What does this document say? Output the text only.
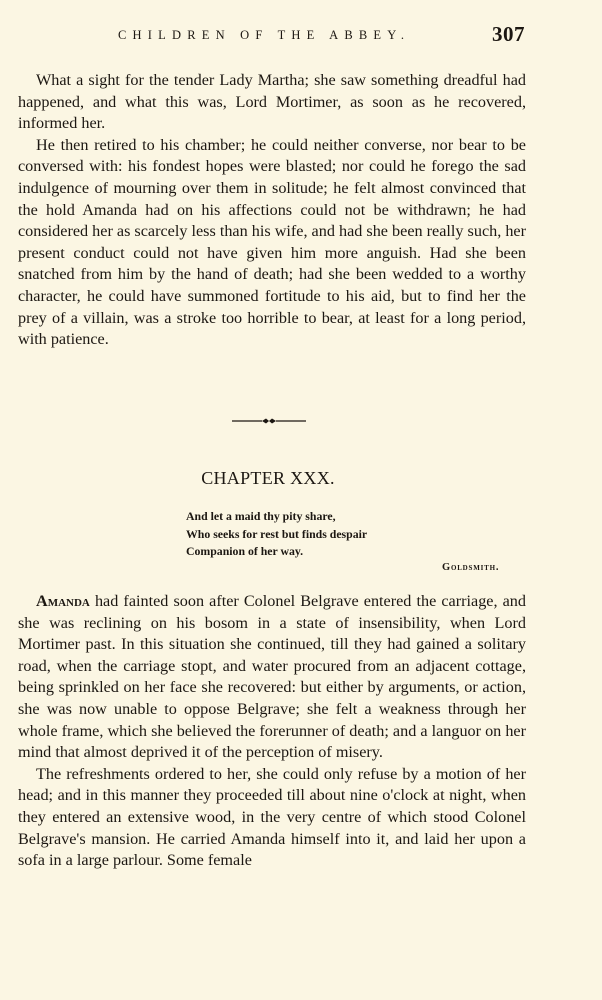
CHILDREN OF THE ABBEY.	307

What a sight for the tender Lady Martha; she saw something dreadful had happened, and what this was, Lord Mortimer, as soon as he recovered, informed her.

He then retired to his chamber; he could neither converse, nor bear to be conversed with: his fondest hopes were blasted; nor could he forego the sad indulgence of mourning over them in solitude; he felt almost convinced that the hold Amanda had on his affections could not be withdrawn; he had considered her as scarcely less than his wife, and had she been really such, her present conduct could not have given him more anguish. Had she been snatched from him by the hand of death; had she been wedded to a worthy character, he could have summoned fortitude to his aid, but to find her the prey of a villain, was a stroke too horrible to bear, at least for a long period, with patience.

CHAPTER XXX.
And let a maid thy pity share,
Who seeks for rest but finds despair
Companion of her way.
Goldsmith.

Amanda had fainted soon after Colonel Belgrave entered the carriage, and she was reclining on his bosom in a state of insensibility, when Lord Mortimer past. In this situation she continued, till they had gained a solitary road, when the carriage stopt, and water procured from an adjacent cottage, being sprinkled on her face she recovered: but either by arguments, or action, she was now unable to oppose Belgrave; she felt a weakness through her whole frame, which she believed the forerunner of death; and a languor on her mind that almost deprived it of the perception of misery.

The refreshments ordered to her, she could only refuse by a motion of her head; and in this manner they proceeded till about nine o'clock at night, when they entered an extensive wood, in the very centre of which stood Colonel Belgrave's mansion. He carried Amanda himself into it, and laid her upon a sofa in a large parlour. Some female
